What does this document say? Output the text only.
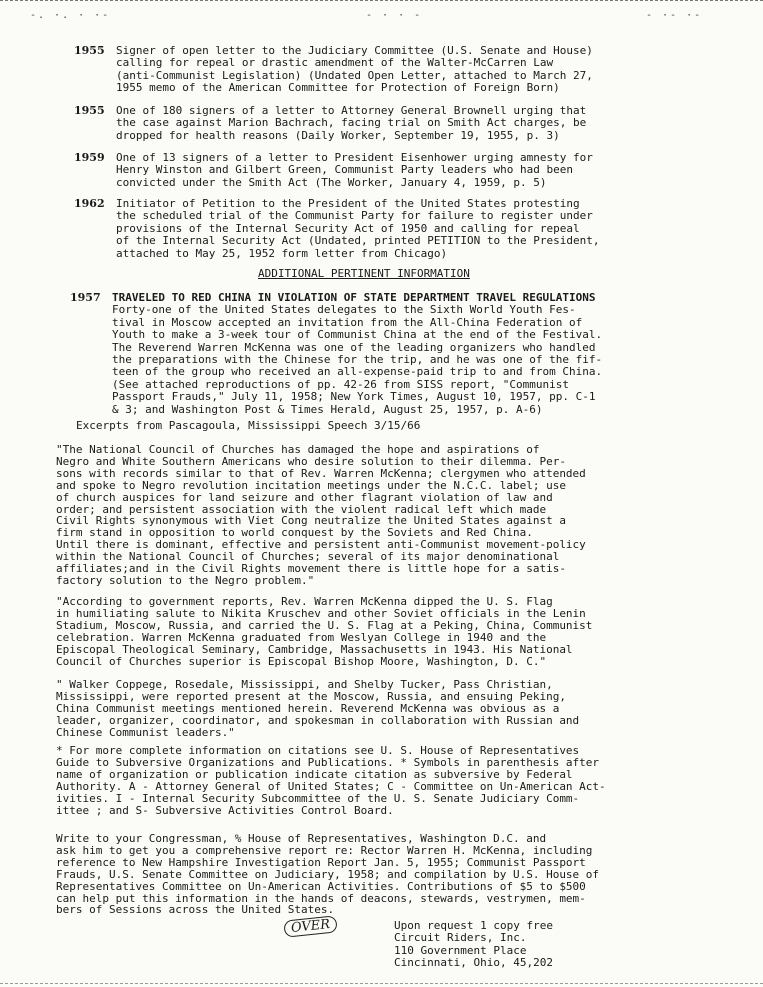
-. ·. · ·-	- · · -	- ·- ·-
1955 Signer of open letter to the Judiciary Committee (U.S. Senate and House)
calling for repeal or drastic amendment of the Walter-McCarren Law
(anti-Communist Legislation) (Undated Open Letter, attached to March 27,
1955 memo of the American Committee for Protection of Foreign Born)
1955 One of 180 signers of a letter to Attorney General Brownell urging that
the case against Marion Bachrach, facing trial on Smith Act charges, be
dropped for health reasons (Daily Worker, September 19, 1955, p. 3)
1959 One of 13 signers of a letter to President Eisenhower urging amnesty for
Henry Winston and Gilbert Green, Communist Party leaders who had been
convicted under the Smith Act (The Worker, January 4, 1959, p. 5)
1962 Initiator of Petition to the President of the United States protesting
the scheduled trial of the Communist Party for failure to register under
provisions of the Internal Security Act of 1950 and calling for repeal
of the Internal Security Act (Undated, printed PETITION to the President,
attached to May 25, 1952 form letter from Chicago)
ADDITIONAL PERTINENT INFORMATION
1957 TRAVELED TO RED CHINA IN VIOLATION OF STATE DEPARTMENT TRAVEL REGULATIONS
Forty-one of the United States delegates to the Sixth World Youth Fes-
tival in Moscow accepted an invitation from the All-China Federation of
Youth to make a 3-week tour of Communist China at the end of the Festival.
The Reverend Warren McKenna was one of the leading organizers who handled
the preparations with the Chinese for the trip, and he was one of the fif-
teen of the group who received an all-expense-paid trip to and from China.
(See attached reproductions of pp. 42-26 from SISS report, "Communist
Passport Frauds," July 11, 1958; New York Times, August 10, 1957, pp. C-1
& 3; and Washington Post & Times Herald, August 25, 1957, p. A-6)
Excerpts from Pascagoula, Mississippi Speech 3/15/66
"The National Council of Churches has damaged the hope and aspirations of
Negro and White Southern Americans who desire solution to their dilemma. Per-
sons with records similar to that of Rev. Warren McKenna; clergymen who attended
and spoke to Negro revolution incitation meetings under the N.C.C. label; use
of church auspices for land seizure and other flagrant violation of law and
order; and persistent association with the violent radical left which made
Civil Rights synonymous with Viet Cong neutralize the United States against a
firm stand in opposition to world conquest by the Soviets and Red China.
Until there is dominant, effective and persistent anti-Communist movement-policy
within the National Council of Churches; several of its major denominational
affiliates;and in the Civil Rights movement there is little hope for a satis-
factory solution to the Negro problem."
"According to government reports, Rev. Warren McKenna dipped the U. S. Flag
in humiliating salute to Nikita Kruschev and other Soviet officials in the Lenin
Stadium, Moscow, Russia, and carried the U. S. Flag at a Peking, China, Communist
celebration. Warren McKenna graduated from Weslyan College in 1940 and the
Episcopal Theological Seminary, Cambridge, Massachusetts in 1943. His National
Council of Churches superior is Episcopal Bishop Moore, Washington, D. C."
" Walker Coppege, Rosedale, Mississippi, and Shelby Tucker, Pass Christian,
Mississippi, were reported present at the Moscow, Russia, and ensuing Peking,
China Communist meetings mentioned herein. Reverend McKenna was obvious as a
leader, organizer, coordinator, and spokesman in collaboration with Russian and
Chinese Communist leaders."
* For more complete information on citations see U. S. House of Representatives
Guide to Subversive Organizations and Publications. * Symbols in parenthesis after
name of organization or publication indicate citation as subversive by Federal
Authority. A - Attorney General of United States; C - Committee on Un-American Act-
ivities. I - Internal Security Subcommittee of the U. S. Senate Judiciary Comm-
ittee ; and S- Subversive Activities Control Board.
Write to your Congressman, % House of Representatives, Washington D.C. and
ask him to get you a comprehensive report re: Rector Warren H. McKenna, including
reference to New Hampshire Investigation Report Jan. 5, 1955; Communist Passport
Frauds, U.S. Senate Committee on Judiciary, 1958; and compilation by U.S. House of
Representatives Committee on Un-American Activities. Contributions of $5 to $500
can help put this information in the hands of deacons, stewards, vestrymen, mem-
bers of Sessions across the United States.
OVER	Upon request 1 copy free
Circuit Riders, Inc.
110 Government Place
Cincinnati, Ohio, 45,202
